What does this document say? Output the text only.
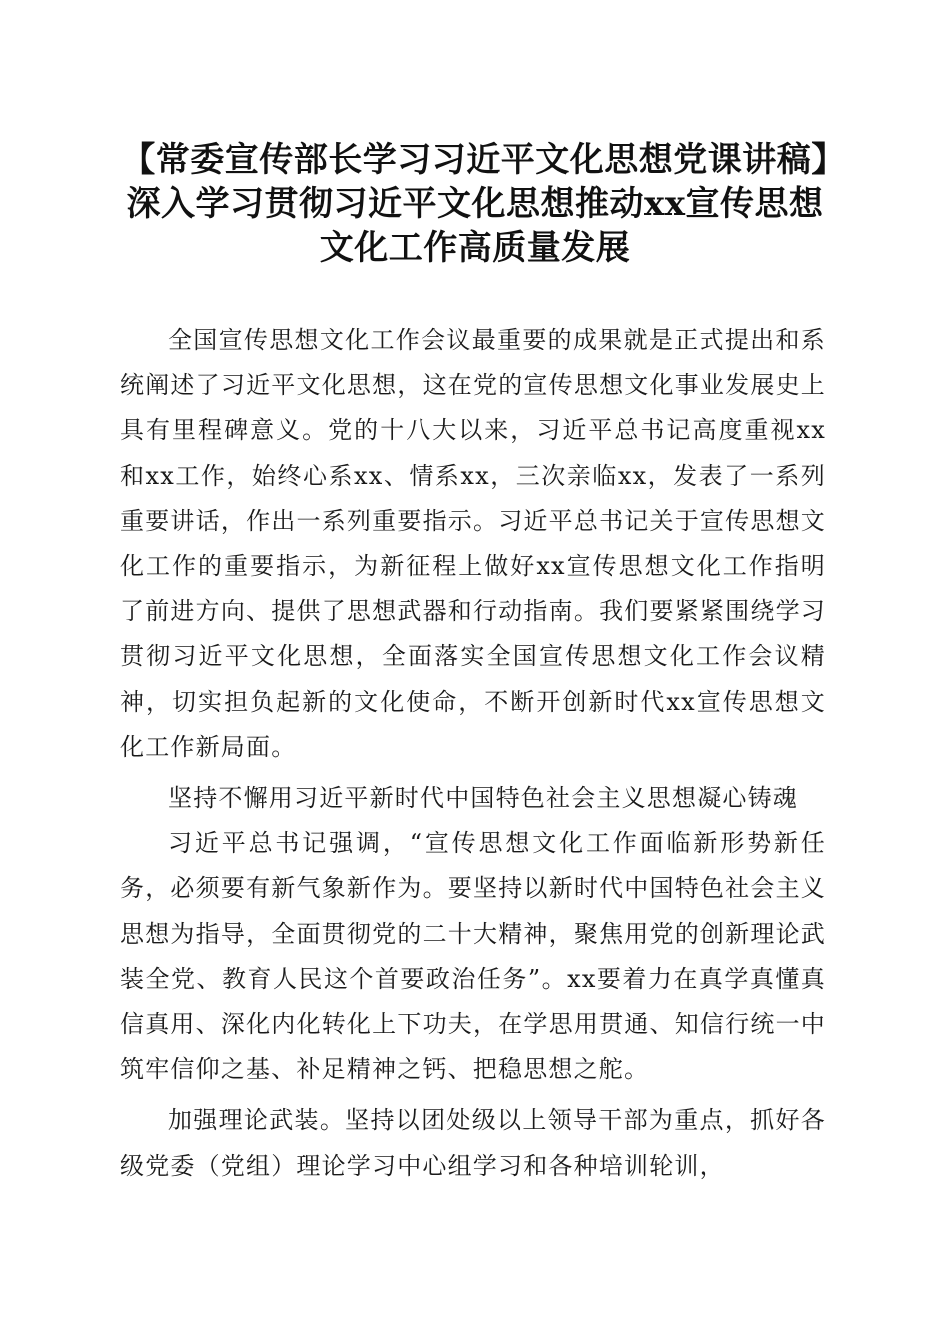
【常委宣传部长学习习近平文化思想党课讲稿】深入学习贯彻习近平文化思想推动xx宣传思想文化工作高质量发展

全国宣传思想文化工作会议最重要的成果就是正式提出和系统阐述了习近平文化思想，这在党的宣传思想文化事业发展史上具有里程碑意义。党的十八大以来，习近平总书记高度重视xx和xx工作，始终心系xx、情系xx，三次亲临xx，发表了一系列重要讲话，作出一系列重要指示。习近平总书记关于宣传思想文化工作的重要指示，为新征程上做好xx宣传思想文化工作指明了前进方向、提供了思想武器和行动指南。我们要紧紧围绕学习贯彻习近平文化思想，全面落实全国宣传思想文化工作会议精神，切实担负起新的文化使命，不断开创新时代xx宣传思想文化工作新局面。

坚持不懈用习近平新时代中国特色社会主义思想凝心铸魂

习近平总书记强调，“宣传思想文化工作面临新形势新任务，必须要有新气象新作为。要坚持以新时代中国特色社会主义思想为指导，全面贯彻党的二十大精神，聚焦用党的创新理论武装全党、教育人民这个首要政治任务”。xx要着力在真学真懂真信真用、深化内化转化上下功夫，在学思用贯通、知信行统一中筑牢信仰之基、补足精神之钙、把稳思想之舵。

加强理论武装。坚持以团处级以上领导干部为重点，抓好各级党委（党组）理论学习中心组学习和各种培训轮训，
